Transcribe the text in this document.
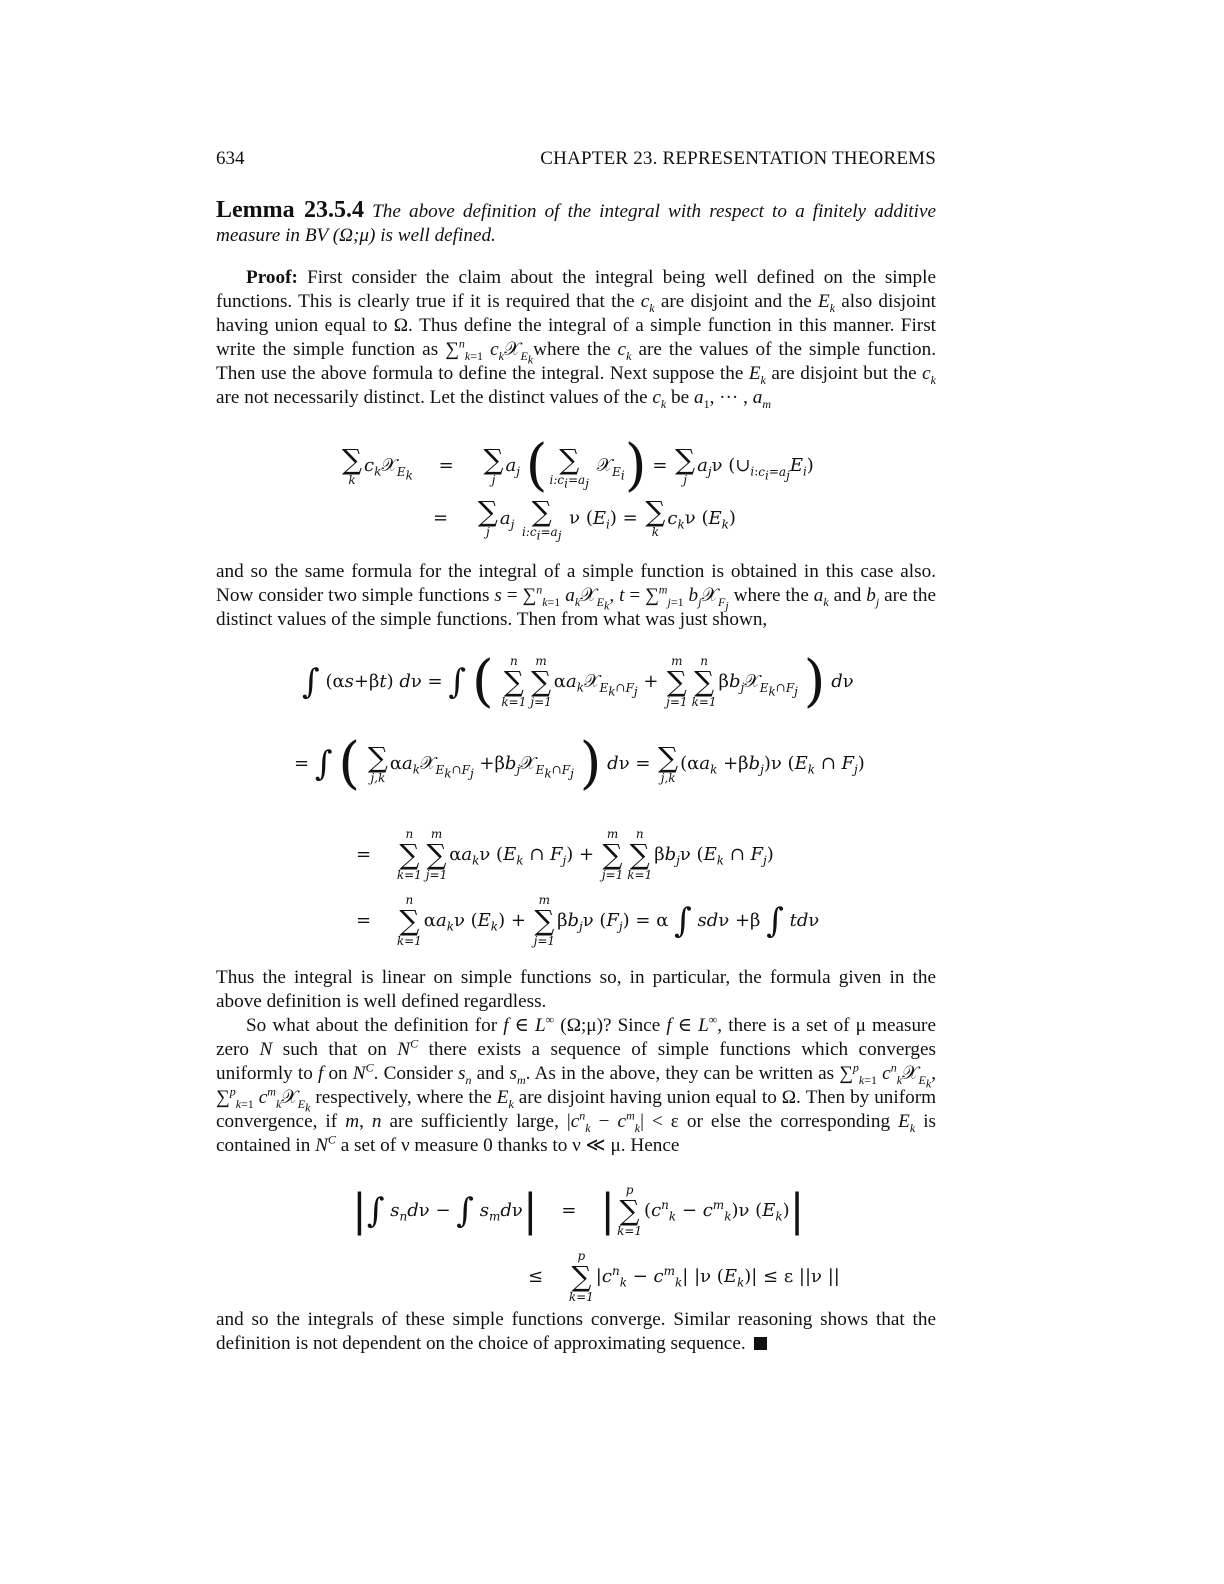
634	CHAPTER 23. REPRESENTATION THEOREMS
Lemma 23.5.4 The above definition of the integral with respect to a finitely additive measure in BV (Ω;μ) is well defined.

Proof: First consider the claim about the integral being well defined on the simple functions. This is clearly true if it is required that the $c_k$ are disjoint and the $E_k$ also disjoint having union equal to Ω. Thus define the integral of a simple function in this manner. First write the simple function as ∑$^n_{k=1}$ $c_k𝒳_{E_k}where$ the $c_k$ are the values of the simple function. Then use the above formula to define the integral. Next suppose the $E_k$ are disjoint but the $c_k$ are not necessarily distinct. Let the distinct values of the $c_k$ be $a_1$, ··· , $a_m$

∑
k
$c_k𝒳_{E_k}$ = ∑
j
$a_j$ ( ∑
$i:c_i=a_j$
𝒳$_{E_i}$) = ∑
j
$a_j\nu$ $(\cup_{i:c_i=a_j}E_i)$
= ∑
j
$a_j$ ∑
$i:c_i=a_j$
ν $(E_i)$ = ∑
k
$c_k\nu$ $(E_k)$

and so the same formula for the integral of a simple function is obtained in this case also. Now consider two simple functions s = ∑$^n_{k=1}$ $a_k𝒳_{E_k}$, t = ∑$^m_{j=1}$ $b_j𝒳_{F_j}$ where the $a_k$ and $b_j$ are the distinct values of the simple functions. Then from what was just shown,

∫ (αs+βt) dν = ∫ (	n
∑
k=1
m
∑
j=1
$\alpha a_k𝒳_{E_k\cap F_j}$ +
m
∑
j=1
n
∑
k=1
$\beta b_j𝒳_{E_k\cap F_j}$ ) dν
= ∫ ( ∑
j,k
$\alpha a_k𝒳_{E_k\cap F_j}$ $+\beta b_j𝒳_{E_k\cap F_j}$ ) dν = ∑
j,k
$(\alpha a_k +\beta b_j)\nu$ ($E_k$ ∩ $F_j$)
=
n
∑
k=1
m
∑
j=1
$\alpha a_k\nu$ ($E_k$ ∩ $F_j$) +
m
∑
j=1
n
∑
k=1
$\beta b_j\nu$ ($E_k$ ∩ $F_j$)
=
n
∑
k=1
$\alpha a_k\nu$ $(E_k)$ +
m
∑
j=1
$\beta b_j\nu$ $(F_j) = \alpha$ ∫ sdν +β ∫ tdν

Thus the integral is linear on simple functions so, in particular, the formula given in the above definition is well defined regardless.

So what about the definition for f ∈ L∞ (Ω;μ)? Since f ∈ L∞, there is a set of μ measure zero N such that on $N^C$ there exists a sequence of simple functions which converges uniformly to f on $N^C$. Consider $s_n$ and $s_m$. As in the above, they can be written as ∑$^p_{k=1}$ $c^n_k𝒳_{E_k}$, ∑$^p_{k=1}$ $c^m_k𝒳_{E_k}$ respectively, where the $E_k$ are disjoint having union equal to Ω. Then by uniform convergence, if m, n are sufficiently large, $|c^n_k - c^m_k| < \varepsilon$ or else the corresponding $E_k$ is contained in $N^C$ a set of ν measure 0 thanks to ν ≪ μ. Hence

|∫ $s_nd\nu$ − ∫ $s_md\nu|$ = | p
∑
k=1
$(c^n_k - c^m_k)\nu$ $(E_k)|$
≤
p
∑
k=1
$|c^n_k - c^m_k|$ |ν $(E_k)| \le \varepsilon$ ||ν ||

and so the integrals of these simple functions converge. Similar reasoning shows that the definition is not dependent on the choice of approximating sequence.
